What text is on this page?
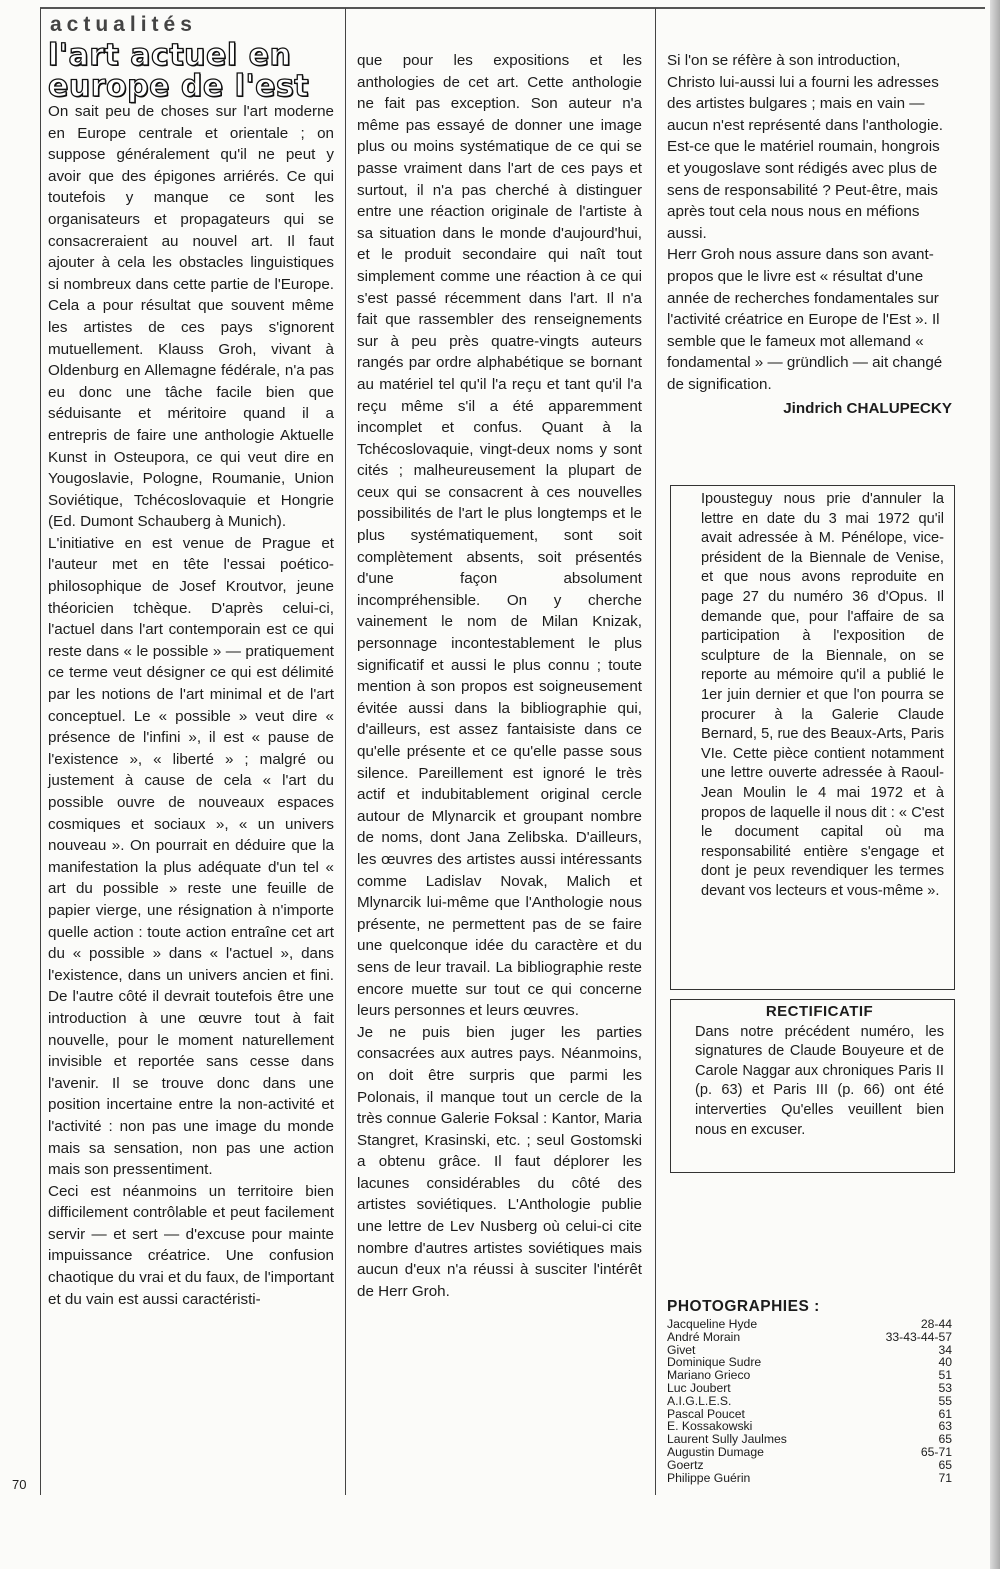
actualités
l'art actuel en europe de l'est

On sait peu de choses sur l'art moderne en Europe centrale et orientale ; on suppose généralement qu'il ne peut y avoir que des épigones arriérés. Ce qui toutefois y manque ce sont les organisateurs et propagateurs qui se consacreraient au nouvel art. Il faut ajouter à cela les obstacles linguistiques si nombreux dans cette partie de l'Europe. Cela a pour résultat que souvent même les artistes de ces pays s'ignorent mutuellement. Klauss Groh, vivant à Oldenburg en Allemagne fédérale, n'a pas eu donc une tâche facile bien que séduisante et méritoire quand il a entrepris de faire une anthologie Aktuelle Kunst in Osteupora, ce qui veut dire en Yougoslavie, Pologne, Roumanie, Union Soviétique, Tchécoslovaquie et Hongrie (Ed. Dumont Schauberg à Munich).

L'initiative en est venue de Prague et l'auteur met en tête l'essai poético-philosophique de Josef Kroutvor, jeune théoricien tchèque. D'après celui-ci, l'actuel dans l'art contemporain est ce qui reste dans « le possible » — pratiquement ce terme veut désigner ce qui est délimité par les notions de l'art minimal et de l'art conceptuel. Le « possible » veut dire « présence de l'infini », il est « pause de l'existence », « liberté » ; malgré ou justement à cause de cela « l'art du possible ouvre de nouveaux espaces cosmiques et sociaux », « un univers nouveau ». On pourrait en déduire que la manifestation la plus adéquate d'un tel « art du possible » reste une feuille de papier vierge, une résignation à n'importe quelle action : toute action entraîne cet art du « possible » dans « l'actuel », dans l'existence, dans un univers ancien et fini. De l'autre côté il devrait toutefois être une introduction à une œuvre tout à fait nouvelle, pour le moment naturellement invisible et reportée sans cesse dans l'avenir. Il se trouve donc dans une position incertaine entre la non-activité et l'activité : non pas une image du monde mais sa sensation, non pas une action mais son pressentiment.

Ceci est néanmoins un territoire bien difficilement contrôlable et peut facilement servir — et sert — d'excuse pour mainte impuissance créatrice. Une confusion chaotique du vrai et du faux, de l'important et du vain est aussi caractéristi-

que pour les expositions et les anthologies de cet art. Cette anthologie ne fait pas exception. Son auteur n'a même pas essayé de donner une image plus ou moins systématique de ce qui se passe vraiment dans l'art de ces pays et surtout, il n'a pas cherché à distinguer entre une réaction originale de l'artiste à sa situation dans le monde d'aujourd'hui, et le produit secondaire qui naît tout simplement comme une réaction à ce qui s'est passé récemment dans l'art. Il n'a fait que rassembler des renseignements sur à peu près quatre-vingts auteurs rangés par ordre alphabétique se bornant au matériel tel qu'il l'a reçu et tant qu'il l'a reçu même s'il a été apparemment incomplet et confus. Quant à la Tchécoslovaquie, vingt-deux noms y sont cités ; malheureusement la plupart de ceux qui se consacrent à ces nouvelles possibilités de l'art le plus longtemps et le plus systématiquement, sont soit complètement absents, soit présentés d'une façon absolument incompréhensible. On y cherche vainement le nom de Milan Knizak, personnage incontestablement le plus significatif et aussi le plus connu ; toute mention à son propos est soigneusement évitée aussi dans la bibliographie qui, d'ailleurs, est assez fantaisiste dans ce qu'elle présente et ce qu'elle passe sous silence. Pareillement est ignoré le très actif et indubitablement original cercle autour de Mlynarcik et groupant nombre de noms, dont Jana Zelibska. D'ailleurs, les œuvres des artistes aussi intéressants comme Ladislav Novak, Malich et Mlynarcik lui-même que l'Anthologie nous présente, ne permettent pas de se faire une quelconque idée du caractère et du sens de leur travail. La bibliographie reste encore muette sur tout ce qui concerne leurs personnes et leurs œuvres.

Je ne puis bien juger les parties consacrées aux autres pays. Néanmoins, on doit être surpris que parmi les Polonais, il manque tout un cercle de la très connue Galerie Foksal : Kantor, Maria Stangret, Krasinski, etc. ; seul Gostomski a obtenu grâce. Il faut déplorer les lacunes considérables du côté des artistes soviétiques. L'Anthologie publie une lettre de Lev Nusberg où celui-ci cite nombre d'autres artistes soviétiques mais aucun d'eux n'a réussi à susciter l'intérêt de Herr Groh.

Si l'on se réfère à son introduction, Christo lui-aussi lui a fourni les adresses des artistes bulgares ; mais en vain — aucun n'est représenté dans l'anthologie. Est-ce que le matériel roumain, hongrois et yougoslave sont rédigés avec plus de sens de responsabilité ? Peut-être, mais après tout cela nous nous en méfions aussi.

Herr Groh nous assure dans son avant-propos que le livre est « résultat d'une année de recherches fondamentales sur l'activité créatrice en Europe de l'Est ». Il semble que le fameux mot allemand « fondamental » — gründlich — ait changé de signification.

Jindrich CHALUPECKY

Ipousteguy nous prie d'annuler la lettre en date du 3 mai 1972 qu'il avait adressée à M. Pénélope, vice-président de la Biennale de Venise, et que nous avons reproduite en page 27 du numéro 36 d'Opus. Il demande que, pour l'affaire de sa participation à l'exposition de sculpture de la Biennale, on se reporte au mémoire qu'il a publié le 1er juin dernier et que l'on pourra se procurer à la Galerie Claude Bernard, 5, rue des Beaux-Arts, Paris VIe. Cette pièce contient notamment une lettre ouverte adressée à Raoul-Jean Moulin le 4 mai 1972 et à propos de laquelle il nous dit : « C'est le document capital où ma responsabilité entière s'engage et dont je peux revendiquer les termes devant vos lecteurs et vous-même ».

RECTIFICATIF

Dans notre précédent numéro, les signatures de Claude Bouyeure et de Carole Naggar aux chroniques Paris II (p. 63) et Paris III (p. 66) ont été interverties Qu'elles veuillent bien nous en excuser.

PHOTOGRAPHIES :
Jacqueline Hyde	28-44
André Morain	33-43-44-57
Givet	34
Dominique Sudre	40
Mariano Grieco	51
Luc Joubert	53
A.I.G.L.E.S.	55
Pascal Poucet	61
E. Kossakowski	63
Laurent Sully Jaulmes	65
Augustin Dumage	65-71
Goertz	65
Philippe Guérin	71
70
